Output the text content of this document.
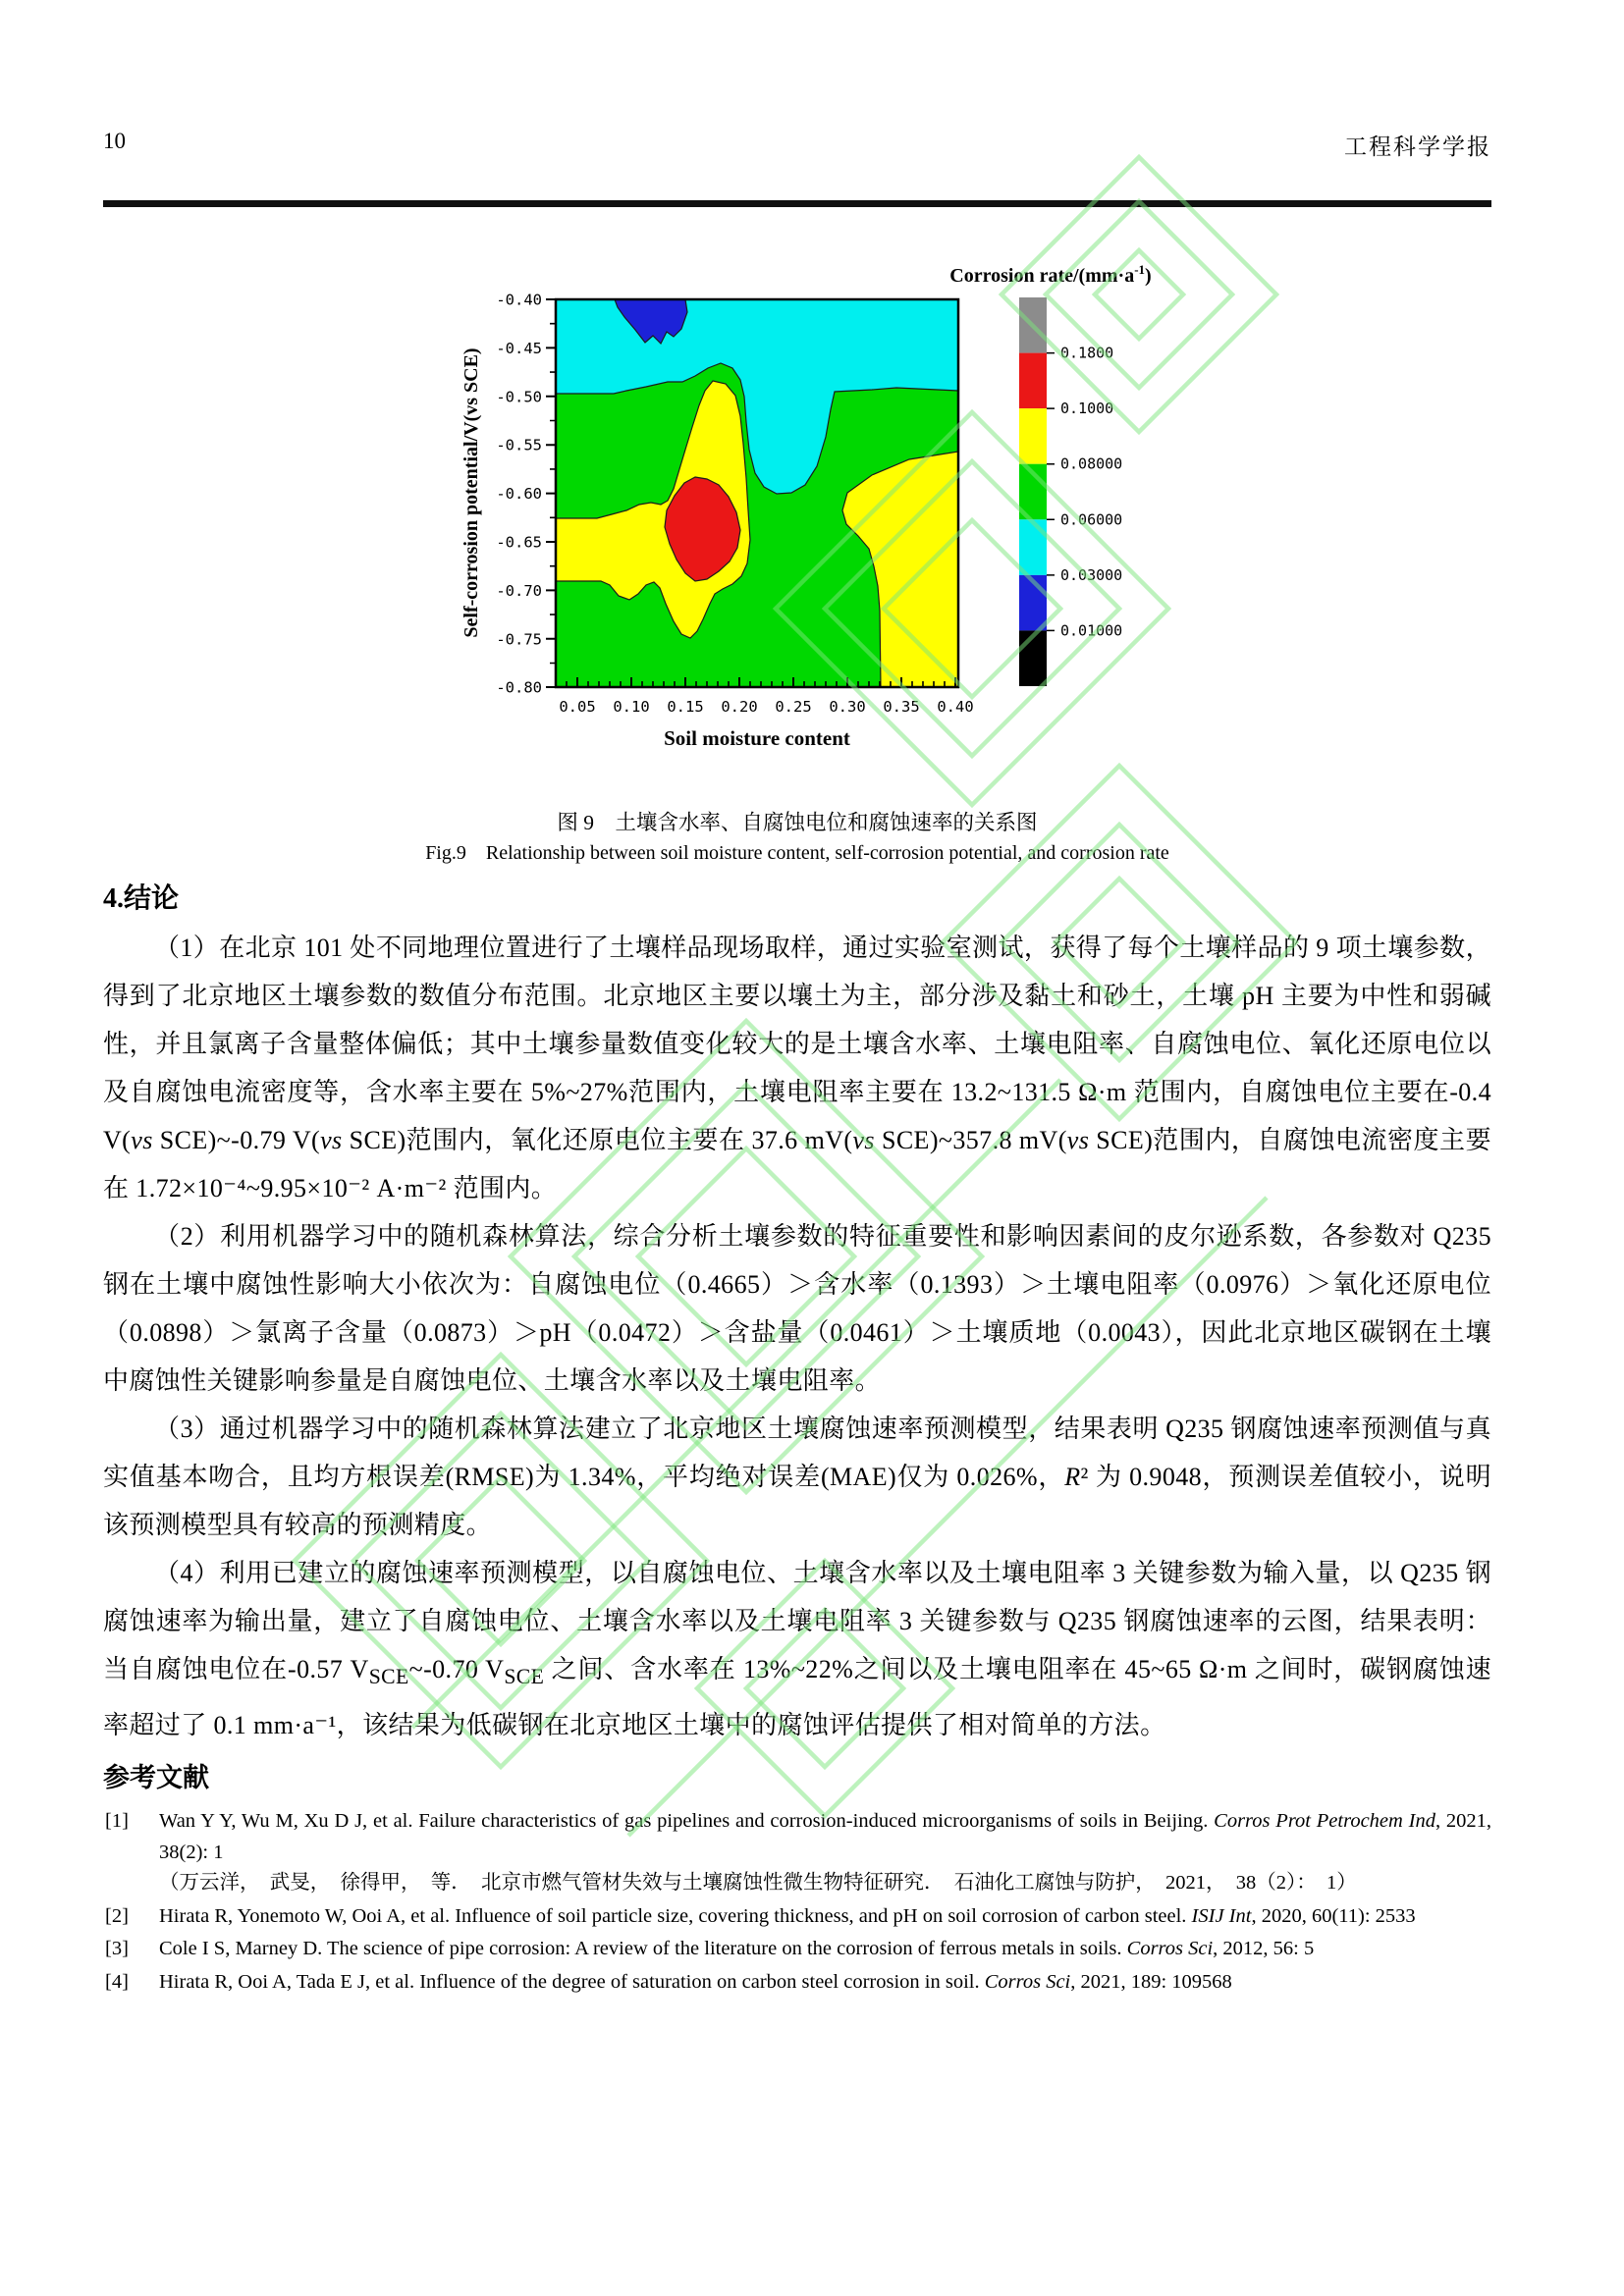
10	工程科学学报
0.05 0.10 0.15 0.20 0.25 0.30 0.35 0.40
-0.40
-0.45
-0.50
-0.55
-0.60
-0.65
-0.70
-0.75
-0.80
Self-corrosion potential/V(vs SCE)
Soil moisture content
Corrosion rate/$(mm\cdot a^{-1})$
0.1800
0.1000
0.08000
0.06000
0.03000
0.01000

图 9　土壤含水率、自腐蚀电位和腐蚀速率的关系图

Fig.9  Relationship between soil moisture content, self-corrosion potential, and corrosion rate

4.结论

（1）在北京 101 处不同地理位置进行了土壤样品现场取样，通过实验室测试，获得了每个土壤样品的 9 项土壤参数，得到了北京地区土壤参数的数值分布范围。北京地区主要以壤土为主，部分涉及黏土和砂土，土壤 pH 主要为中性和弱碱性，并且氯离子含量整体偏低；其中土壤参量数值变化较大的是土壤含水率、土壤电阻率、自腐蚀电位、氧化还原电位以及自腐蚀电流密度等，含水率主要在 5%~27%范围内，土壤电阻率主要在 13.2~131.5 Ω·m 范围内，自腐蚀电位主要在-0.4 V(vs SCE)~-0.79 V(vs SCE)范围内，氧化还原电位主要在 37.6 mV(vs SCE)~357.8 mV(vs SCE)范围内，自腐蚀电流密度主要在 1.72×10⁻⁴~9.95×10⁻² A·m⁻² 范围内。

（2）利用机器学习中的随机森林算法，综合分析土壤参数的特征重要性和影响因素间的皮尔逊系数，各参数对 Q235 钢在土壤中腐蚀性影响大小依次为：自腐蚀电位（0.4665）＞含水率（0.1393）＞土壤电阻率（0.0976）＞氧化还原电位（0.0898）＞氯离子含量（0.0873）＞pH（0.0472）＞含盐量（0.0461）＞土壤质地（0.0043），因此北京地区碳钢在土壤中腐蚀性关键影响参量是自腐蚀电位、土壤含水率以及土壤电阻率。

（3）通过机器学习中的随机森林算法建立了北京地区土壤腐蚀速率预测模型，结果表明 Q235 钢腐蚀速率预测值与真实值基本吻合，且均方根误差(RMSE)为 1.34%，平均绝对误差(MAE)仅为 0.026%，R² 为 0.9048，预测误差值较小，说明该预测模型具有较高的预测精度。

（4）利用已建立的腐蚀速率预测模型，以自腐蚀电位、土壤含水率以及土壤电阻率 3 关键参数为输入量，以 Q235 钢腐蚀速率为输出量，建立了自腐蚀电位、土壤含水率以及土壤电阻率 3 关键参数与 Q235 钢腐蚀速率的云图，结果表明：当自腐蚀电位在-0.57 $V_{SCE}\sim-0.70$ $V_{SCE}$ 之间、含水率在 13%~22%之间以及土壤电阻率在 45~65 Ω·m 之间时，碳钢腐蚀速率超过了 0.1 mm·a⁻¹，该结果为低碳钢在北京地区土壤中的腐蚀评估提供了相对简单的方法。

参考文献
[1] Wan Y Y, Wu M, Xu D J, et al. Failure characteristics of gas pipelines and corrosion-induced microorganisms of soils in Beijing. Corros Prot Petrochem Ind, 2021, 38(2): 1
（万云洋，　武旻，　徐得甲，　等．　北京市燃气管材失效与土壤腐蚀性微生物特征研究．　石油化工腐蚀与防护，　2021，　38（2）：　1）
[2] Hirata R, Yonemoto W, Ooi A, et al. Influence of soil particle size, covering thickness, and pH on soil corrosion of carbon steel. ISIJ Int, 2020, 60(11): 2533
[3] Cole I S, Marney D. The science of pipe corrosion: A review of the literature on the corrosion of ferrous metals in soils. Corros Sci, 2012, 56: 5
[4] Hirata R, Ooi A, Tada E J, et al. Influence of the degree of saturation on carbon steel corrosion in soil. Corros Sci, 2021, 189: 109568
